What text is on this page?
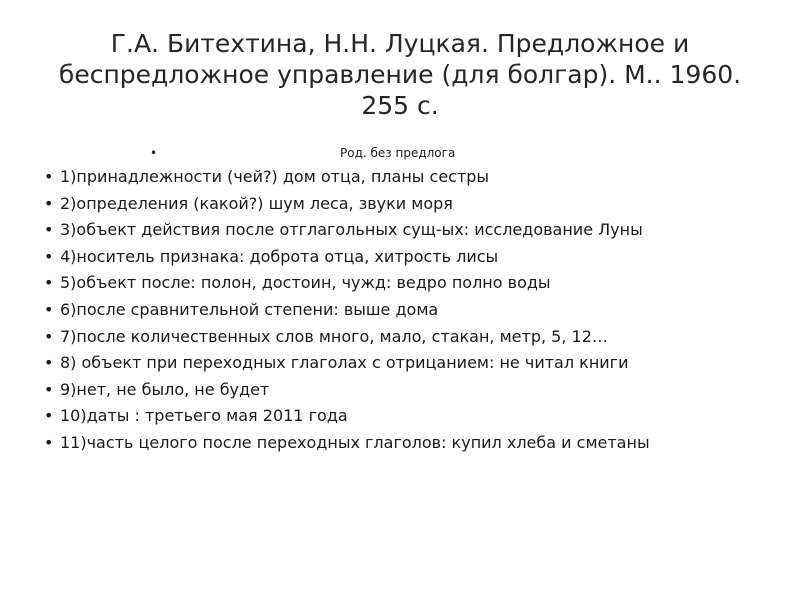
Г.А. Битехтина, Н.Н. Луцкая. Предложное и
беспредложное управление (для болгар). М.. 1960.
255 с.
•	Род. без предлога
• 1)принадлежности (чей?) дом отца, планы сестры
• 2)определения (какой?) шум леса, звуки моря
• 3)объект действия после отглагольных сущ-ых: исследование Луны
• 4)носитель признака: доброта отца, хитрость лисы
• 5)объект после: полон, достоин, чужд: ведро полно воды
• 6)после сравнительной степени: выше дома
• 7)после количественных слов много, мало, стакан, метр, 5, 12…
• 8) объект при переходных глаголах с отрицанием: не читал книги
• 9)нет, не было, не будет
• 10)даты : третьего мая 2011 года
• 11)часть целого после переходных глаголов: купил хлеба и сметаны
